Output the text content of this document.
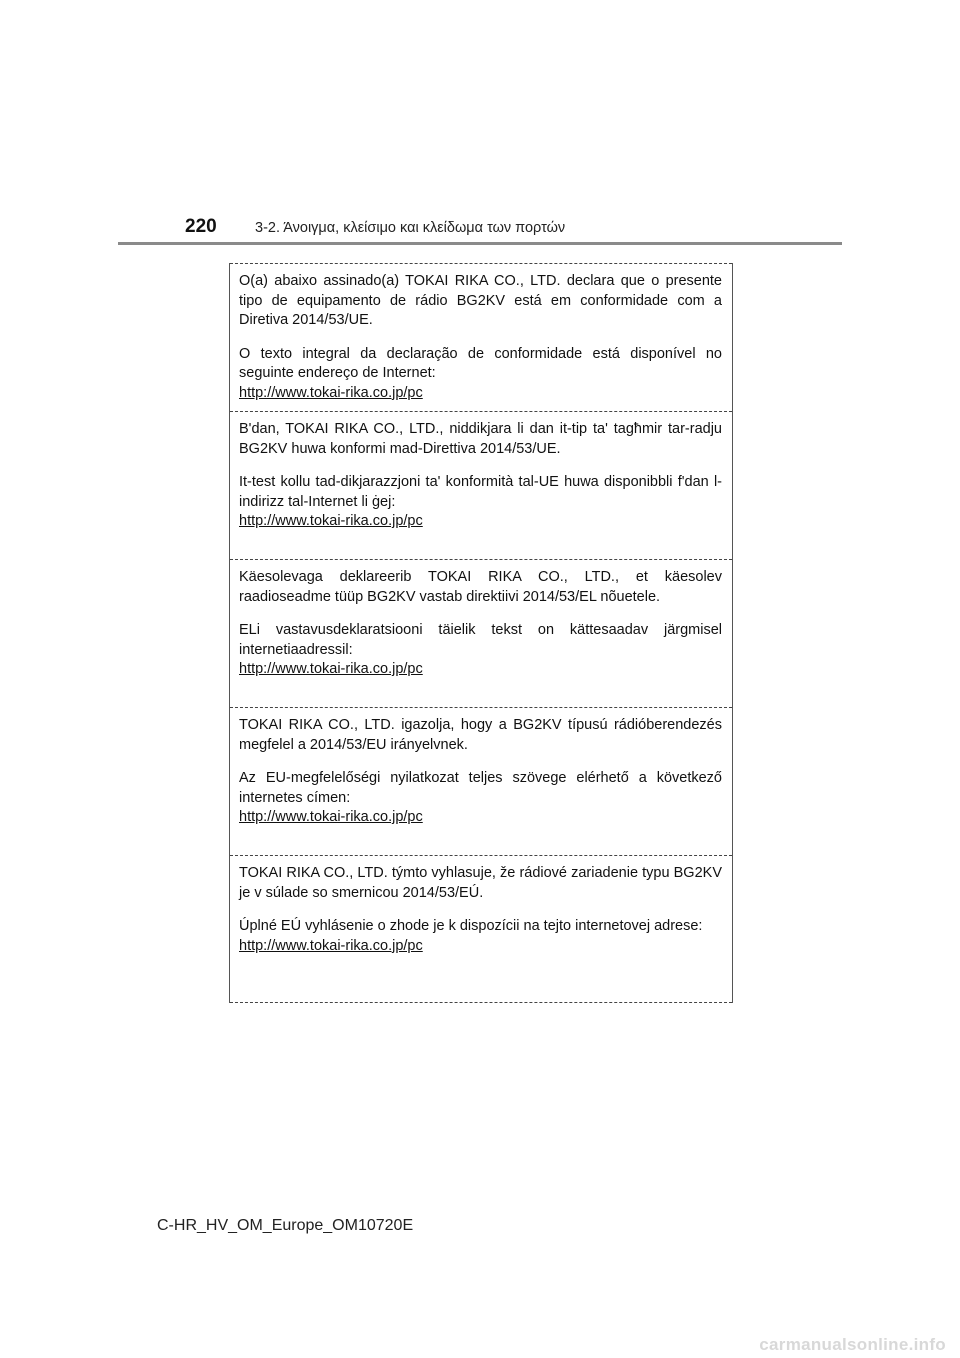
220	3-2. Άνοιγμα, κλείσιμο και κλείδωμα των πορτών

O(a) abaixo assinado(a) TOKAI RIKA CO., LTD. declara que o presente tipo de equipamento de rádio BG2KV está em conformidade com a Diretiva 2014/53/UE.

O texto integral da declaração de conformidade está disponível no seguinte endereço de Internet:

http://www.tokai-rika.co.jp/pc

B'dan, TOKAI RIKA CO., LTD., niddikjara li dan it-tip ta' tagħmir tar-radju BG2KV huwa konformi mad-Direttiva 2014/53/UE.

It-test kollu tad-dikjarazzjoni ta' konformità tal-UE huwa disponibbli f'dan l-indirizz tal-Internet li ġej:

http://www.tokai-rika.co.jp/pc

Käesolevaga deklareerib TOKAI RIKA CO., LTD., et käesolev raadioseadme tüüp BG2KV vastab direktiivi 2014/53/EL nõuetele.

ELi vastavusdeklaratsiooni täielik tekst on kättesaadav järgmisel internetiaadressil:

http://www.tokai-rika.co.jp/pc

TOKAI RIKA CO., LTD. igazolja, hogy a BG2KV típusú rádióberendezés megfelel a 2014/53/EU irányelvnek.

Az EU-megfelelőségi nyilatkozat teljes szövege elérhető a következő internetes címen:

http://www.tokai-rika.co.jp/pc

TOKAI RIKA CO., LTD. týmto vyhlasuje, že rádiové zariadenie typu BG2KV je v súlade so smernicou 2014/53/EÚ.

Úplné EÚ vyhlásenie o zhode je k dispozícii na tejto internetovej adrese:

http://www.tokai-rika.co.jp/pc
C-HR_HV_OM_Europe_OM10720E
carmanualsonline.info
